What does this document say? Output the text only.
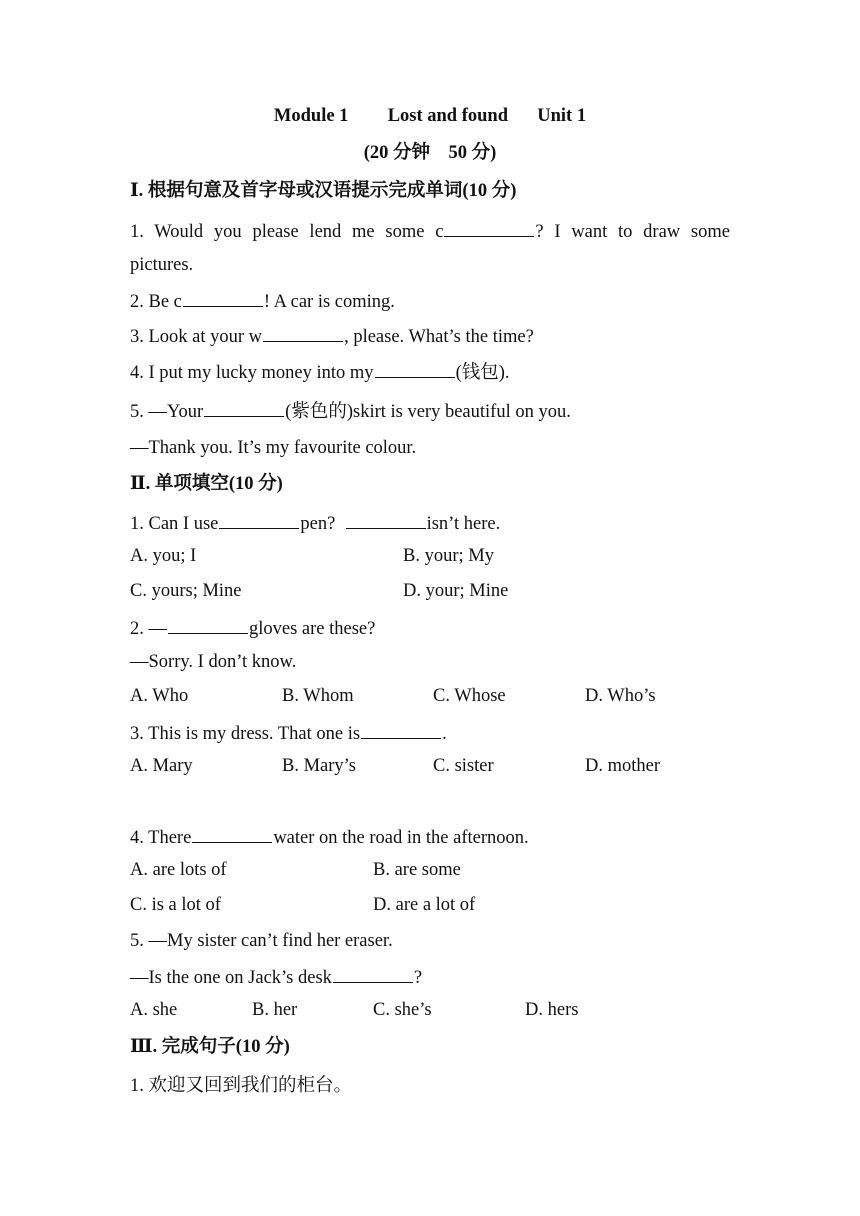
Module 1 Lost and found Unit 1
(20 分钟　50 分)
Ⅰ. 根据句意及首字母或汉语提示完成单词(10 分)
1. Would you please lend me some c	? I want to draw some
pictures.
2. Be c	! A car is coming.
3. Look at your w	, please. What’s the time?
4. I put my lucky money into my	(钱包).
5. —Your	(紫色的)skirt is very beautiful on you.
—Thank you. It’s my favourite colour.
Ⅱ. 单项填空(10 分)
1. Can I use	pen?	isn’t here.
A. you; I	B. your; My
C. yours; Mine	D. your; Mine
2. —	gloves are these?
—Sorry. I don’t know.
A. Who	B. Whom	C. Whose	D. Who’s
3. This is my dress. That one is	.
A. Mary	B. Mary’s	C. sister	D. mother
4. There	water on the road in the afternoon.
A. are lots of	B. are some
C. is a lot of	D. are a lot of
5. —My sister can’t find her eraser.
—Is the one on Jack’s desk	?
A. she	B. her	C. she’s	D. hers
Ⅲ. 完成句子(10 分)
1. 欢迎又回到我们的柜台。
